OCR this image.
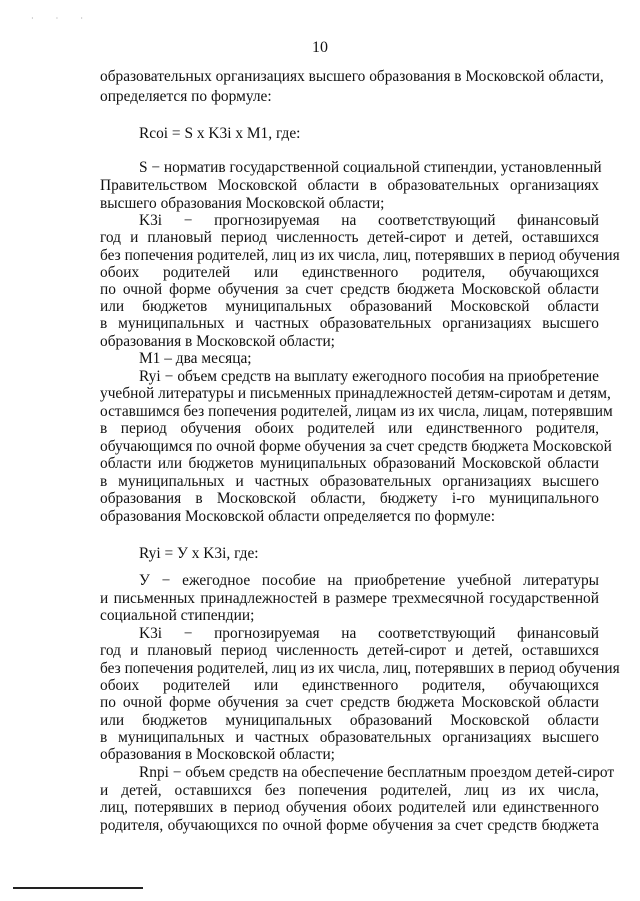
· · ·
10
образовательных организациях высшего образования в Московской области,
определяется по формуле:
Rcoi = S x K3i x M1, где:
S − норматив государственной социальной стипендии, установленный
Правительством Московской области в образовательных организациях
высшего образования Московской области;
K3i − прогнозируемая на соответствующий финансовый
год и плановый период численность детей-сирот и детей, оставшихся
без попечения родителей, лиц из их числа, лиц, потерявших в период обучения
обоих родителей или единственного родителя, обучающихся
по очной форме обучения за счет средств бюджета Московской области
или бюджетов муниципальных образований Московской области
в муниципальных и частных образовательных организациях высшего
образования в Московской области;
M1 – два месяца;
Ryi − объем средств на выплату ежегодного пособия на приобретение
учебной литературы и письменных принадлежностей детям-сиротам и детям,
оставшимся без попечения родителей, лицам из их числа, лицам, потерявшим
в период обучения обоих родителей или единственного родителя,
обучающимся по очной форме обучения за счет средств бюджета Московской
области или бюджетов муниципальных образований Московской области
в муниципальных и частных образовательных организациях высшего
образования в Московской области, бюджету i-го муниципального
образования Московской области определяется по формуле:
Ryi = У x K3i, где:
У − ежегодное пособие на приобретение учебной литературы
и письменных принадлежностей в размере трехмесячной государственной
социальной стипендии;
K3i − прогнозируемая на соответствующий финансовый
год и плановый период численность детей-сирот и детей, оставшихся
без попечения родителей, лиц из их числа, лиц, потерявших в период обучения
обоих родителей или единственного родителя, обучающихся
по очной форме обучения за счет средств бюджета Московской области
или бюджетов муниципальных образований Московской области
в муниципальных и частных образовательных организациях высшего
образования в Московской области;
Rnpi − объем средств на обеспечение бесплатным проездом детей-сирот
и детей, оставшихся без попечения родителей, лиц из их числа,
лиц, потерявших в период обучения обоих родителей или единственного
родителя, обучающихся по очной форме обучения за счет средств бюджета
